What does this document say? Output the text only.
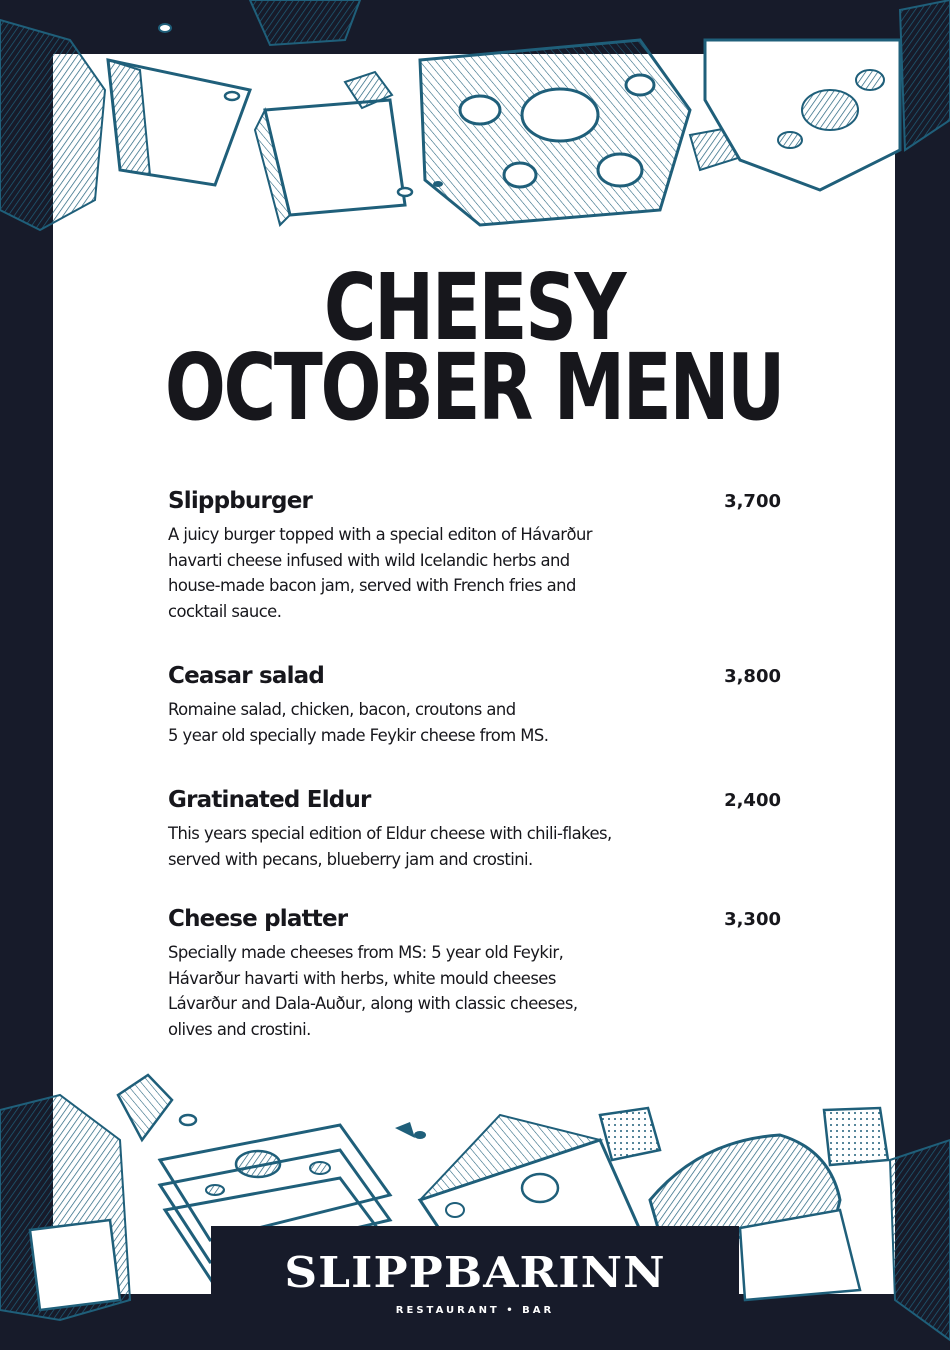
CHEESY
OCTOBER MENU
Slippburger	3,700
A juicy burger topped with a special editon of Hávarður
havarti cheese infused with wild Icelandic herbs and
house-made bacon jam, served with French fries and
cocktail sauce.
Ceasar salad	3,800
Romaine salad, chicken, bacon, croutons and
5 year old specially made Feykir cheese from MS.
Gratinated Eldur	2,400
This years special edition of Eldur cheese with chili-flakes,
served with pecans, blueberry jam and crostini.
Cheese platter	3,300
Specially made cheeses from MS: 5 year old Feykir,
Hávarður havarti with herbs, white mould cheeses
Lávarður and Dala-Auður, along with classic cheeses,
olives and crostini.
SLIPPBARINN
RESTAURANT • BAR
